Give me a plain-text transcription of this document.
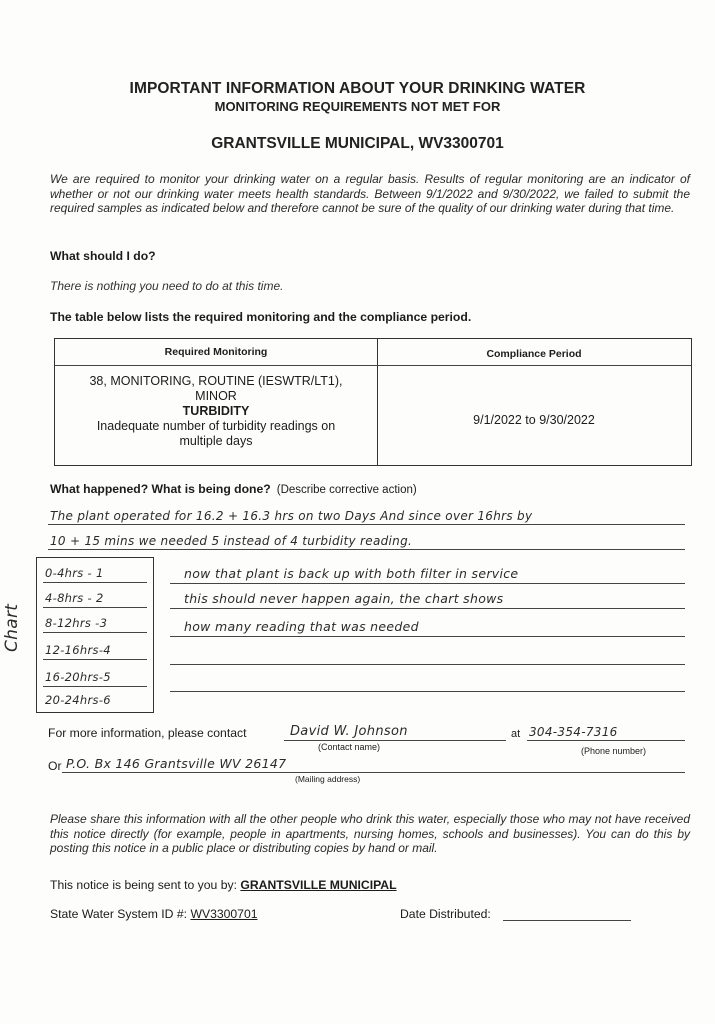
IMPORTANT INFORMATION ABOUT YOUR DRINKING WATER
MONITORING REQUIREMENTS NOT MET FOR
GRANTSVILLE MUNICIPAL, WV3300701
We are required to monitor your drinking water on a regular basis. Results of regular monitoring are an indicator of whether or not our drinking water meets health standards. Between 9/1/2022 and 9/30/2022, we failed to submit the required samples as indicated below and therefore cannot be sure of the quality of our drinking water during that time.
What should I do?
There is nothing you need to do at this time.
The table below lists the required monitoring and the compliance period.
Required Monitoring	Compliance Period
38, MONITORING, ROUTINE (IESWTR/LT1),
MINOR
TURBIDITY
Inadequate number of turbidity readings on multiple days
9/1/2022 to 9/30/2022
What happened? What is being done? (Describe corrective action)
The plant operated for 16.2 + 16.3 hrs on two Days And since over 16hrs by
10 + 15 mins we needed 5 instead of 4 turbidity reading.
Chart
0-4hrs - 1
4-8hrs - 2
8-12hrs -3
12-16hrs-4
16-20hrs-5
20-24hrs-6
now that plant is back up with both filter in service
this should never happen again, the chart shows
how many reading that was needed
For more information, please contact	David W. Johnson	at 304-354-7316
(Contact name)	(Phone number)
Or P.O. Bx 146 Grantsville WV 26147
(Mailing address)
Please share this information with all the other people who drink this water, especially those who may not have received this notice directly (for example, people in apartments, nursing homes, schools and businesses). You can do this by posting this notice in a public place or distributing copies by hand or mail.
This notice is being sent to you by: GRANTSVILLE MUNICIPAL
State Water System ID #: WV3300701	Date Distributed:
